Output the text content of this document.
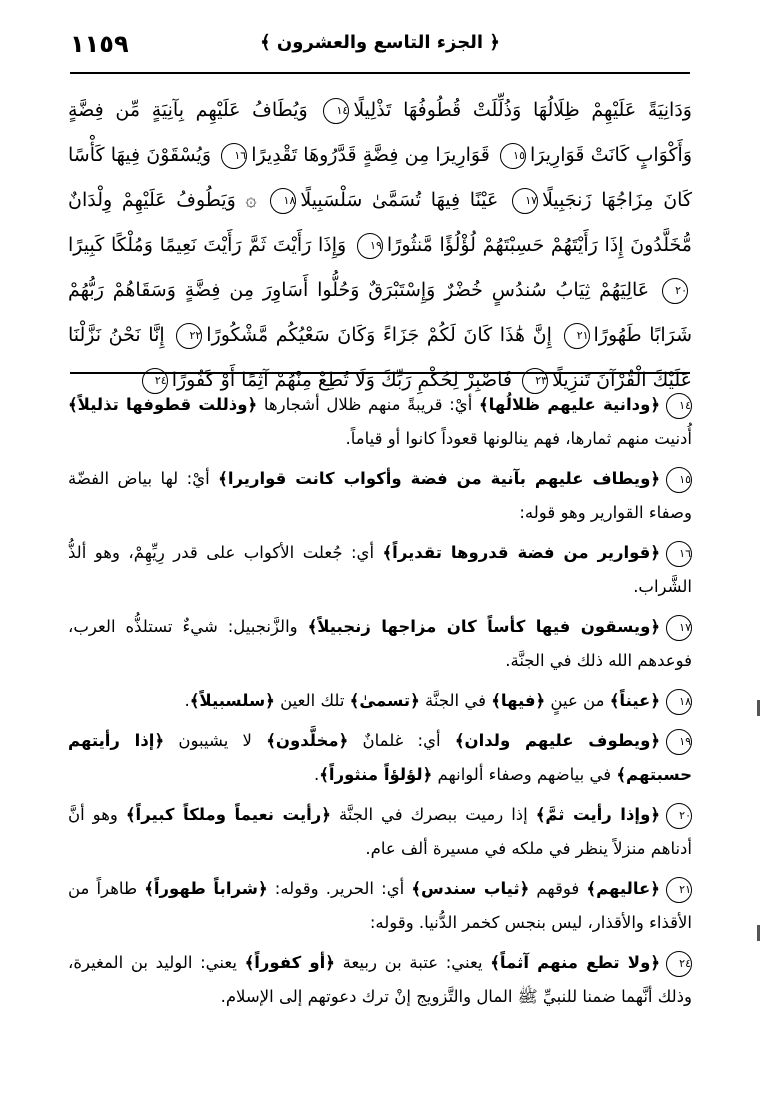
١١٥٩	﴿ الجزء التاسع والعشرون ﴾
وَدَانِيَةً عَلَيْهِمْ ظِلَالُهَا وَذُلِّلَتْ قُطُوفُهَا تَذْلِيلًا١٤ وَيُطَافُ عَلَيْهِم بِآنِيَةٍ مِّن فِضَّةٍ وَأَكْوَابٍ كَانَتْ قَوَارِيرَا١٥ قَوَارِيرَا مِن فِضَّةٍ قَدَّرُوهَا تَقْدِيرًا١٦ وَيُسْقَوْنَ فِيهَا كَأْسًا كَانَ مِزَاجُهَا زَنجَبِيلًا١٧ عَيْنًا فِيهَا تُسَمَّىٰ سَلْسَبِيلًا١٨ ۞ وَيَطُوفُ عَلَيْهِمْ وِلْدَانٌ مُّخَلَّدُونَ إِذَا رَأَيْتَهُمْ حَسِبْتَهُمْ لُؤْلُؤًا مَّنثُورًا١٩ وَإِذَا رَأَيْتَ ثَمَّ رَأَيْتَ نَعِيمًا وَمُلْكًا كَبِيرًا٢٠ عَالِيَهُمْ ثِيَابُ سُندُسٍ خُضْرٌ وَإِسْتَبْرَقٌ وَحُلُّوا أَسَاوِرَ مِن فِضَّةٍ وَسَقَاهُمْ رَبُّهُمْ شَرَابًا طَهُورًا٢١ إِنَّ هَٰذَا كَانَ لَكُمْ جَزَاءً وَكَانَ سَعْيُكُم مَّشْكُورًا٢٢ إِنَّا نَحْنُ نَزَّلْنَا عَلَيْكَ الْقُرْآنَ تَنزِيلًا٢٣ فَاصْبِرْ لِحُكْمِ رَبِّكَ وَلَا تُطِعْ مِنْهُمْ آثِمًا أَوْ كَفُورًا٢٤
١٤﴿ودانية عليهم ظلالُها﴾ أيْ: قريبةً منهم ظلال أشجارها ﴿وذللت قطوفها تذليلاً﴾ أُدنيت منهم ثمارها، فهم ينالونها قعوداً كانوا أو قياماً.
١٥﴿ويطاف عليهم بآنية من فضة وأكواب كانت قواريرا﴾ أيْ: لها بياض الفضّة وصفاء القوارير وهو قوله:
١٦﴿قوارير من فضة قدروها تقديراً﴾ أي: جُعلت الأكواب على قدر رِيِّهِمْ، وهو ألذُّ الشَّراب.
١٧﴿ويسقون فيها كأساً كان مزاجها زنجبيلاً﴾ والزَّنجبيل: شيءٌ تستلذُّه العرب، فوعدهم الله ذلك في الجنَّة.
١٨﴿عيناً﴾ من عينٍ ﴿فيها﴾ في الجنَّة ﴿تسمىٰ﴾ تلك العين ﴿سلسبيلاً﴾.
١٩﴿ويطوف عليهم ولدان﴾ أي: غلمانٌ ﴿مخلَّدون﴾ لا يشيبون ﴿إذا رأيتهم حسبتهم﴾ في بياضهم وصفاء ألوانهم ﴿لؤلؤاً منثوراً﴾.
٢٠﴿وإذا رأيت ثمَّ﴾ إذا رميت ببصرك في الجنَّة ﴿رأيت نعيماً وملكاً كبيراً﴾ وهو أنَّ أدناهم منزلاً ينظر في ملكه في مسيرة ألف عام.
٢١﴿عاليهم﴾ فوقهم ﴿ثياب سندس﴾ أي: الحرير. وقوله: ﴿شراباً طهوراً﴾ طاهراً من الأقذاء والأقذار، ليس بنجس كخمر الدُّنيا. وقوله:
٢٤﴿ولا تطع منهم آثماً﴾ يعني: عتبة بن ربيعة ﴿أو كفوراً﴾ يعني: الوليد بن المغيرة، وذلك أنَّهما ضمنا للنبيِّ ﷺ المال والتَّزويج إنْ ترك دعوتهم إلى الإسلام.
